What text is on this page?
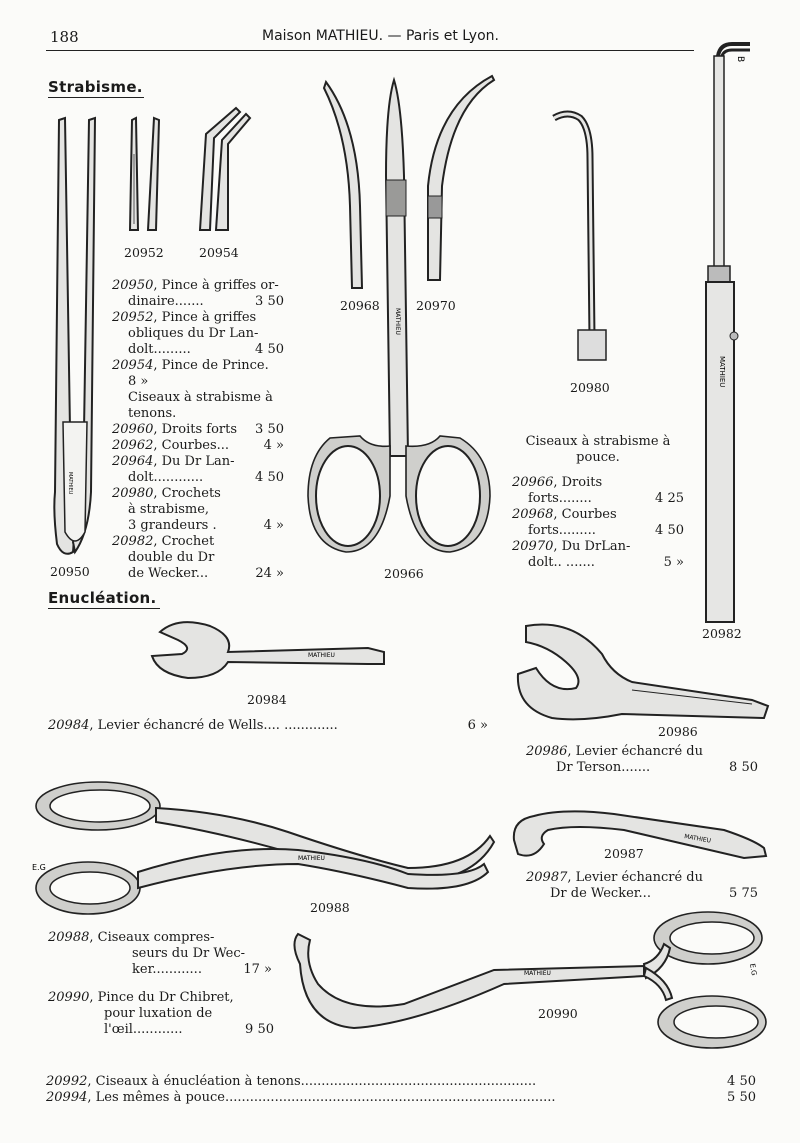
188	Maison MATHIEU. — Paris et Lyon.
Strabisme.
MATHIEU
20952	20954
20950
20950, Pince à griffes or-
dinaire.......	3 50
20952, Pince à griffes
obliques du Dr Lan-
dolt.........	4 50
20954, Pince de Prince.
8 »
Ciseaux à strabisme à
tenons.
20960, Droits forts 3 50
20962, Courbes...	4 »
20964, Du Dr Lan-
dolt............	4 50
20980, Crochets
à strabisme,
3 grandeurs .	4 »
20982, Crochet
double du Dr
de Wecker...	24 »
20968	20970
MATHIEU
20966
20980
Ciseaux à strabisme à
pouce.
20966, Droits
forts........	4 25
20968, Courbes
forts.........	4 50
20970, Du DrLan-
dolt.. .......	5 »
MATHIEU
B
20982
Enucléation.
MATHIEU
20984
20984, Levier échancré de Wells.... .............	6 »	20986
20986, Levier échancré du
Dr Terson.......	8 50
MATHIEU
E.G
20988
20988, Ciseaux compres-
seurs du Dr Wec-
ker............	17 »
MATHIEU
20987
20987, Levier échancré du
Dr de Wecker...	5 75
MATHIEU	E.G
20990
20990, Pince du Dr Chibret,
pour luxation de
l'œil............	9 50
20992, Ciseaux à énucléation à tenons.........................................................	4 50
20994, Les mêmes à pouce................................................................................	5 50
